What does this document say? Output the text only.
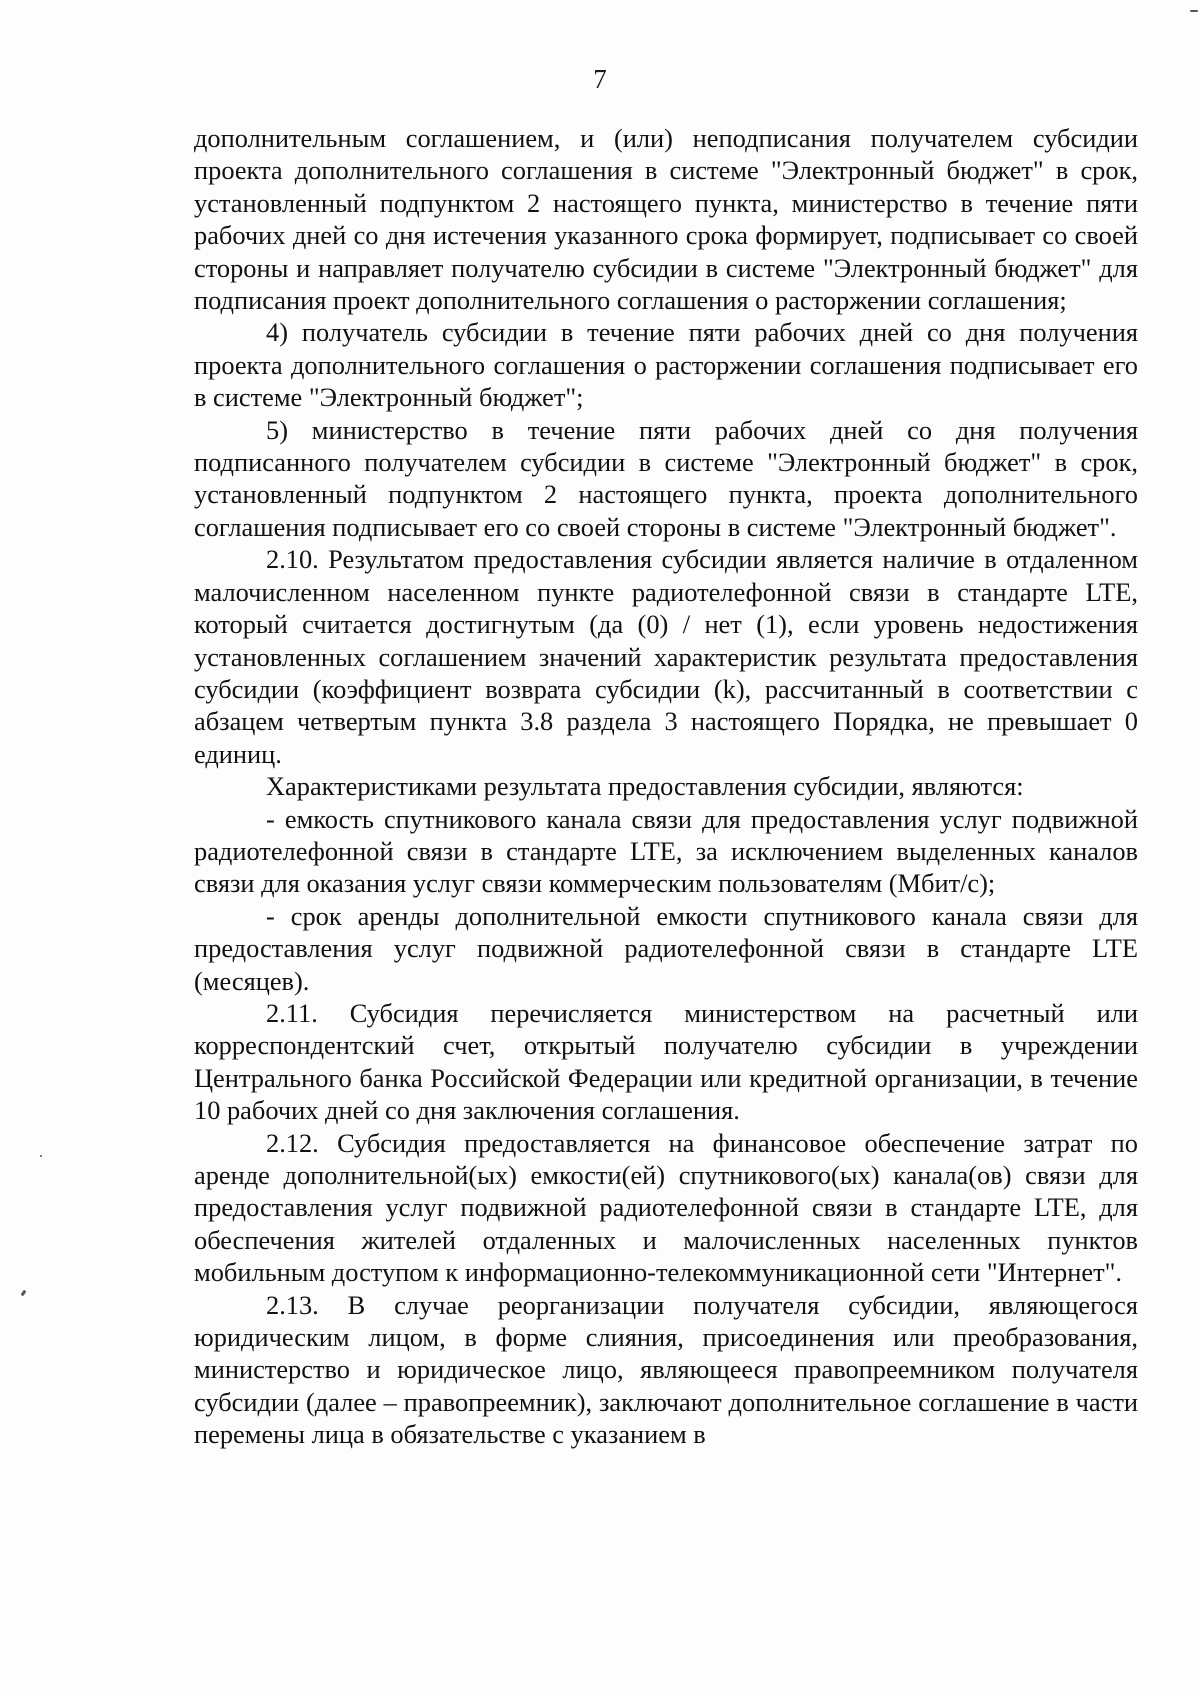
7

дополнительным соглашением, и (или) неподписания получателем субсидии проекта дополнительного соглашения в системе "Электронный бюджет" в срок, установленный подпунктом 2 настоящего пункта, министерство в течение пяти рабочих дней со дня истечения указанного срока формирует, подписывает со своей стороны и направляет получателю субсидии в системе "Электронный бюджет" для подписания проект дополнительного соглашения о расторжении соглашения;

4) получатель субсидии в течение пяти рабочих дней со дня получения проекта дополнительного соглашения о расторжении соглашения подписывает его в системе "Электронный бюджет";

5) министерство в течение пяти рабочих дней со дня получения подписанного получателем субсидии в системе "Электронный бюджет" в срок, установленный подпунктом 2 настоящего пункта, проекта дополнительного соглашения подписывает его со своей стороны в системе "Электронный бюджет".

2.10. Результатом предоставления субсидии является наличие в отдаленном малочисленном населенном пункте радиотелефонной связи в стандарте LTE, который считается достигнутым (да (0) / нет (1), если уровень недостижения установленных соглашением значений характеристик результата предоставления субсидии (коэффициент возврата субсидии (k), рассчитанный в соответствии с абзацем четвертым пункта 3.8 раздела 3 настоящего Порядка, не превышает 0 единиц.

Характеристиками результата предоставления субсидии, являются:

- емкость спутникового канала связи для предоставления услуг подвижной радиотелефонной связи в стандарте LTE, за исключением выделенных каналов связи для оказания услуг связи коммерческим пользователям (Мбит/с);

- срок аренды дополнительной емкости спутникового канала связи для предоставления услуг подвижной радиотелефонной связи в стандарте LTE (месяцев).

2.11. Субсидия перечисляется министерством на расчетный или корреспондентский счет, открытый получателю субсидии в учреждении Центрального банка Российской Федерации или кредитной организации, в течение 10 рабочих дней со дня заключения соглашения.

2.12. Субсидия предоставляется на финансовое обеспечение затрат по аренде дополнительной(ых) емкости(ей) спутникового(ых) канала(ов) связи для предоставления услуг подвижной радиотелефонной связи в стандарте LTE, для обеспечения жителей отдаленных и малочисленных населенных пунктов мобильным доступом к информационно-телекоммуникационной сети "Интернет".

2.13. В случае реорганизации получателя субсидии, являющегося юридическим лицом, в форме слияния, присоединения или преобразования, министерство и юридическое лицо, являющееся правопреемником получателя субсидии (далее – правопреемник), заключают дополнительное соглашение в части перемены лица в обязательстве с указанием в
